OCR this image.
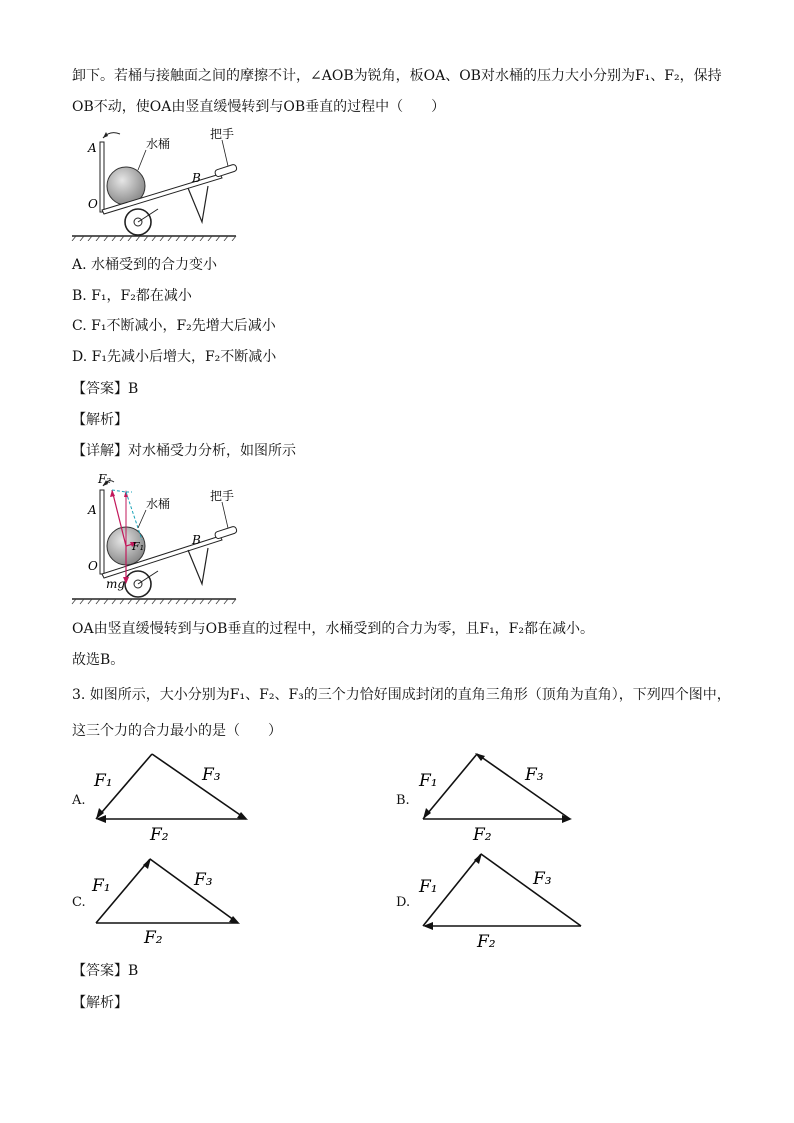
卸下。若桶与接触面之间的摩擦不计，∠AOB为锐角，板OA、OB对水桶的压力大小分别为F₁、F₂，保持
OB不动，使OA由竖直缓慢转到与OB垂直的过程中（　　）
A
O
B
水桶
把手
A. 水桶受到的合力变小
B. F₁，F₂都在减小
C. F₁不断减小，F₂先增大后减小
D. F₁先减小后增大，F₂不断减小
【答案】B
【解析】
【详解】对水桶受力分析，如图所示
F₂
F₁
mg
A
O
B
水桶
把手
OA由竖直缓慢转到与OB垂直的过程中，水桶受到的合力为零，且F₁，F₂都在减小。
故选B。
3. 如图所示，大小分别为F₁、F₂、F₃的三个力恰好围成封闭的直角三角形（顶角为直角），下列四个图中，
这三个力的合力最小的是（　　）
A.
F₁	F₃
F₂
B.
F₁	F₃
F₂
C.
F₁	F₃
F₂
D.
F₁	F₃
F₂
【答案】B
【解析】
